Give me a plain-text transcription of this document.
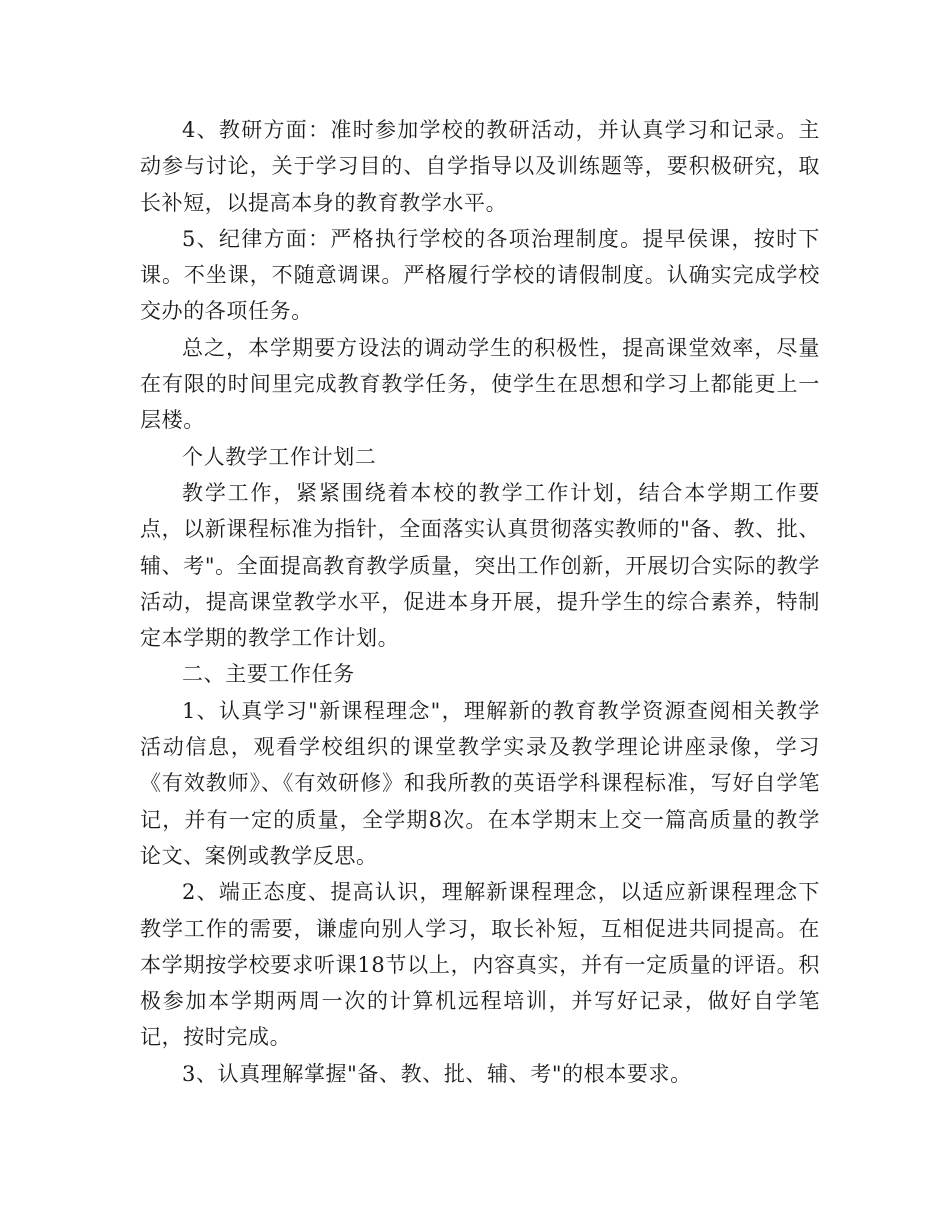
4、教研方面：准时参加学校的教研活动，并认真学习和记录。主动参与讨论，关于学习目的、自学指导以及训练题等，要积极研究，取长补短，以提高本身的教育教学水平。

5、纪律方面：严格执行学校的各项治理制度。提早侯课，按时下课。不坐课，不随意调课。严格履行学校的请假制度。认确实完成学校交办的各项任务。

总之，本学期要方设法的调动学生的积极性，提高课堂效率，尽量在有限的时间里完成教育教学任务，使学生在思想和学习上都能更上一层楼。

个人教学工作计划二

教学工作，紧紧围绕着本校的教学工作计划，结合本学期工作要点，以新课程标准为指针，全面落实认真贯彻落实教师的"备、教、批、辅、考"。全面提高教育教学质量，突出工作创新，开展切合实际的教学活动，提高课堂教学水平，促进本身开展，提升学生的综合素养，特制定本学期的教学工作计划。

二、主要工作任务

1、认真学习"新课程理念"，理解新的教育教学资源查阅相关教学活动信息，观看学校组织的课堂教学实录及教学理论讲座录像，学习《有效教师》、《有效研修》和我所教的英语学科课程标准，写好自学笔记，并有一定的质量，全学期8次。在本学期末上交一篇高质量的教学论文、案例或教学反思。

2、端正态度、提高认识，理解新课程理念，以适应新课程理念下教学工作的需要，谦虚向别人学习，取长补短，互相促进共同提高。在本学期按学校要求听课18节以上，内容真实，并有一定质量的评语。积极参加本学期两周一次的计算机远程培训，并写好记录，做好自学笔记，按时完成。

3、认真理解掌握"备、教、批、辅、考"的根本要求。
